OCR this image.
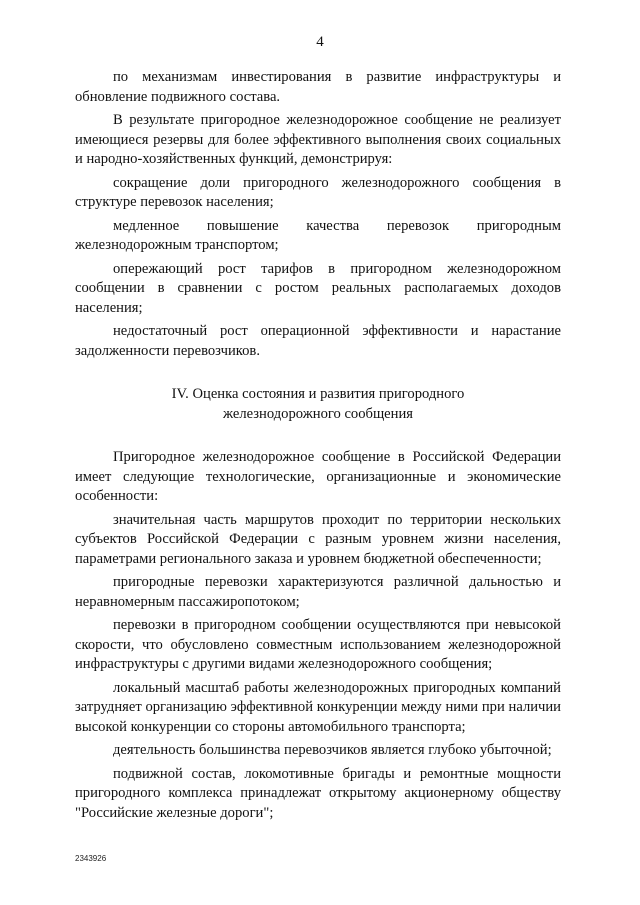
4

по механизмам инвестирования в развитие инфраструктуры и обновление подвижного состава.

В результате пригородное железнодорожное сообщение не реализует имеющиеся резервы для более эффективного выполнения своих социальных и народно-хозяйственных функций, демонстрируя:

сокращение доли пригородного железнодорожного сообщения в структуре перевозок населения;

медленное повышение качества перевозок пригородным железнодорожным транспортом;

опережающий рост тарифов в пригородном железнодорожном сообщении в сравнении с ростом реальных располагаемых доходов населения;

недостаточный рост операционной эффективности и нарастание задолженности перевозчиков.

IV. Оценка состояния и развития пригородного
железнодорожного сообщения

Пригородное железнодорожное сообщение в Российской Федерации имеет следующие технологические, организационные и экономические особенности:

значительная часть маршрутов проходит по территории нескольких субъектов Российской Федерации с разным уровнем жизни населения, параметрами регионального заказа и уровнем бюджетной обеспеченности;

пригородные перевозки характеризуются различной дальностью и неравномерным пассажиропотоком;

перевозки в пригородном сообщении осуществляются при невысокой скорости, что обусловлено совместным использованием железнодорожной инфраструктуры с другими видами железнодорожного сообщения;

локальный масштаб работы железнодорожных пригородных компаний затрудняет организацию эффективной конкуренции между ними при наличии высокой конкуренции со стороны автомобильного транспорта;

деятельность большинства перевозчиков является глубоко убыточной;

подвижной состав, локомотивные бригады и ремонтные мощности пригородного комплекса принадлежат открытому акционерному обществу "Российские железные дороги";

2343926
